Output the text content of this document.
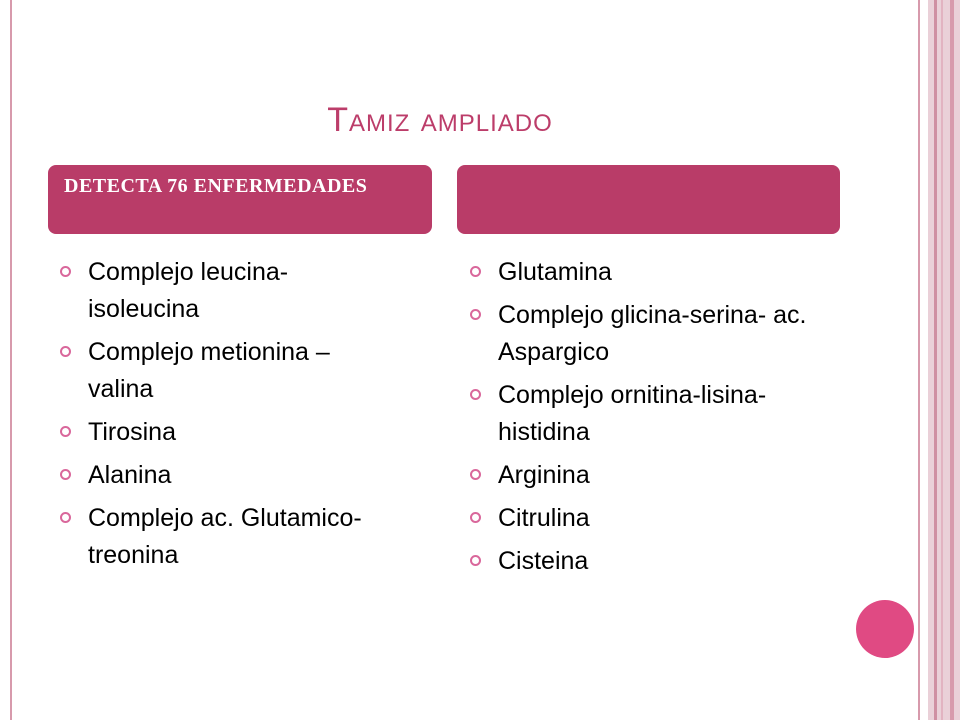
Tamiz ampliado

DETECTA 76 ENFERMEDADES

Complejo leucina-isoleucina
Complejo metionina – valina
Tirosina
Alanina
Complejo ac. Glutamico- treonina
Glutamina
Complejo glicina-serina- ac. Aspargico
Complejo ornitina-lisina- histidina
Arginina
Citrulina
Cisteina
